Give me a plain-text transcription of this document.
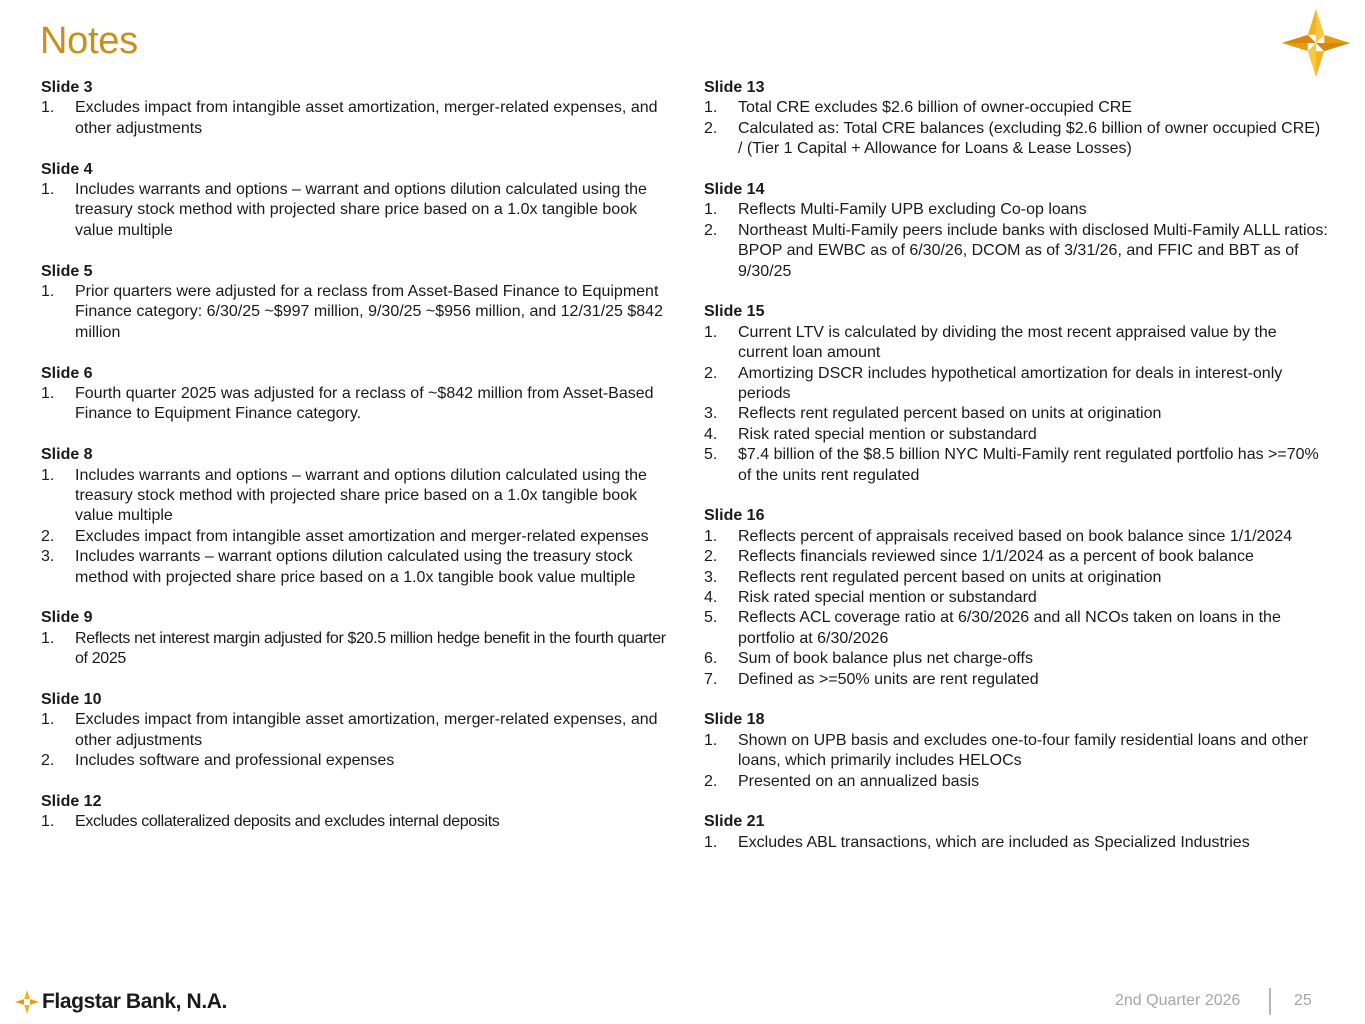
Notes
Slide 3
1.	Excludes impact from intangible asset amortization, merger-related expenses, and other adjustments
Slide 4
1.	Includes warrants and options – warrant and options dilution calculated using the treasury stock method with projected share price based on a 1.0x tangible book value multiple
Slide 5
1.	Prior quarters were adjusted for a reclass from Asset-Based Finance to Equipment Finance category: 6/30/25 ~$997 million, 9/30/25 ~$956 million, and 12/31/25 $842 million
Slide 6
1.	Fourth quarter 2025 was adjusted for a reclass of ~$842 million from Asset-Based Finance to Equipment Finance category.
Slide 8
1.	Includes warrants and options – warrant and options dilution calculated using the treasury stock method with projected share price based on a 1.0x tangible book value multiple
2.	Excludes impact from intangible asset amortization and merger-related expenses
3.	Includes warrants – warrant options dilution calculated using the treasury stock method with projected share price based on a 1.0x tangible book value multiple
Slide 9
1.	Reflects net interest margin adjusted for $20.5 million hedge benefit in the fourth quarter of 2025
Slide 10
1.	Excludes impact from intangible asset amortization, merger-related expenses, and other adjustments
2.	Includes software and professional expenses
Slide 12
1.	Excludes collateralized deposits and excludes internal deposits
Slide 13
1.	Total CRE excludes $2.6 billion of owner-occupied CRE
2.	Calculated as: Total CRE balances (excluding $2.6 billion of owner occupied CRE) / (Tier 1 Capital + Allowance for Loans & Lease Losses)
Slide 14
1.	Reflects Multi-Family UPB excluding Co-op loans
2.	Northeast Multi-Family peers include banks with disclosed Multi-Family ALLL ratios: BPOP and EWBC as of 6/30/26, DCOM as of 3/31/26, and FFIC and BBT as of 9/30/25
Slide 15
1.	Current LTV is calculated by dividing the most recent appraised value by the current loan amount
2.	Amortizing DSCR includes hypothetical amortization for deals in interest-only periods
3.	Reflects rent regulated percent based on units at origination
4.	Risk rated special mention or substandard
5.	$7.4 billion of the $8.5 billion NYC Multi-Family rent regulated portfolio has >=70% of the units rent regulated
Slide 16
1.	Reflects percent of appraisals received based on book balance since 1/1/2024
2.	Reflects financials reviewed since 1/1/2024 as a percent of book balance
3.	Reflects rent regulated percent based on units at origination
4.	Risk rated special mention or substandard
5.	Reflects ACL coverage ratio at 6/30/2026 and all NCOs taken on loans in the portfolio at 6/30/2026
6.	Sum of book balance plus net charge-offs
7.	Defined as >=50% units are rent regulated
Slide 18
1.	Shown on UPB basis and excludes one-to-four family residential loans and other loans, which primarily includes HELOCs
2.	Presented on an annualized basis
Slide 21
1.	Excludes ABL transactions, which are included as Specialized Industries
Flagstar Bank, N.A.	2nd Quarter 2026	25
